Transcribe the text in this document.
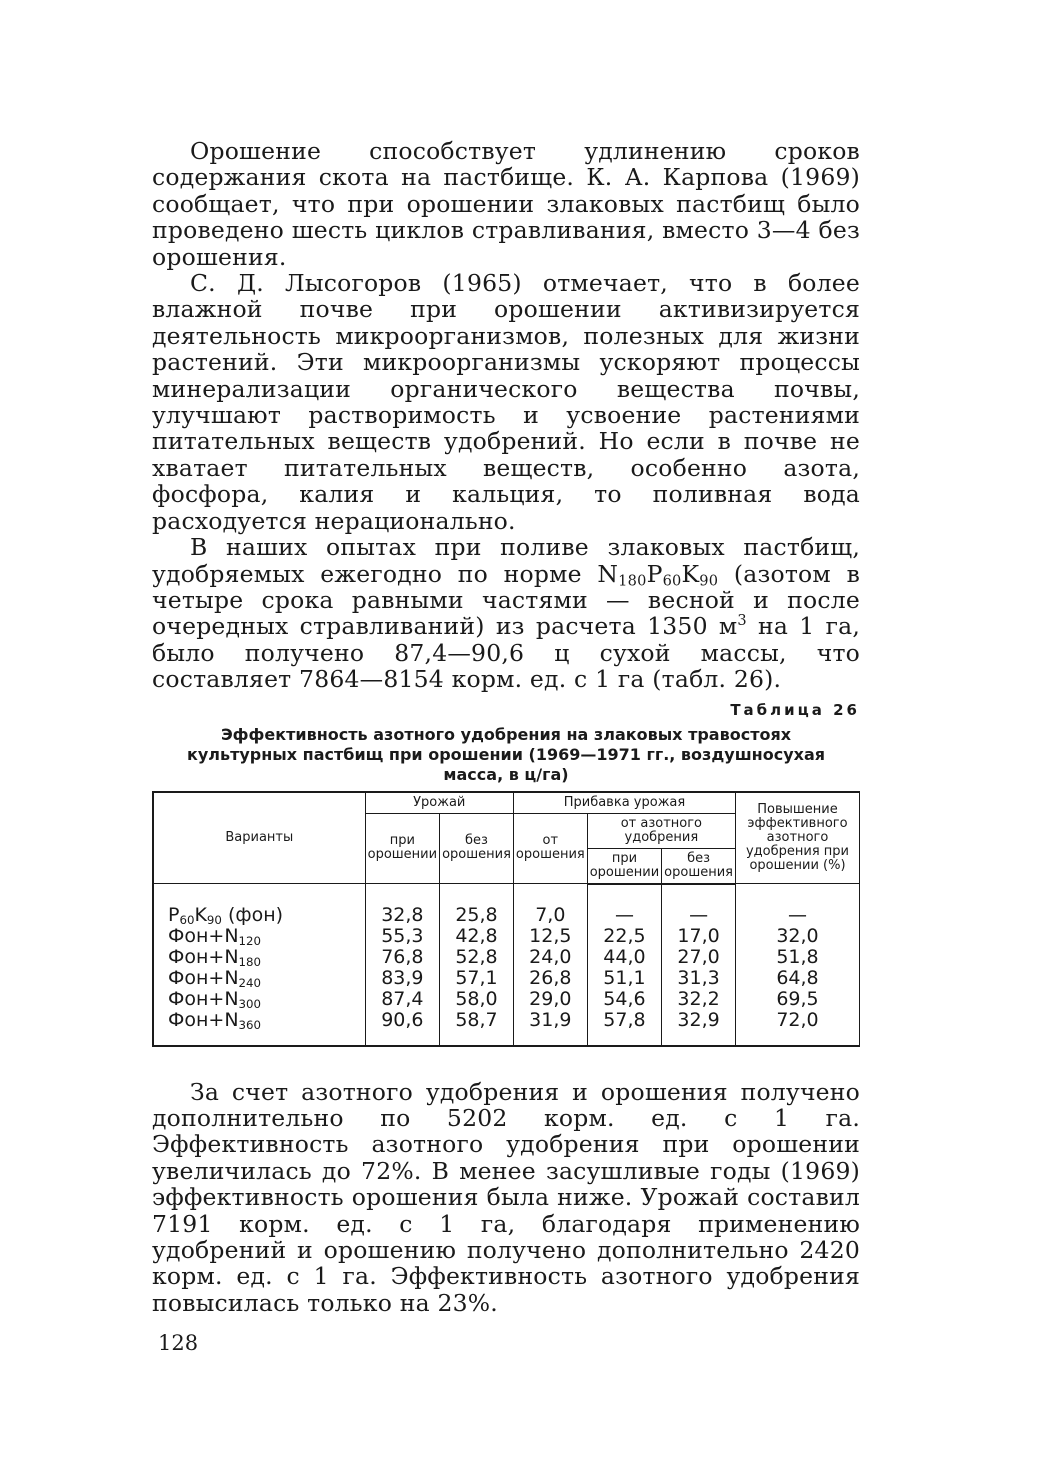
Орошение способствует удлинению сроков содержания скота на пастбище. К. А. Карпова (1969) сообщает, что при орошении злаковых пастбищ было проведено шесть циклов стравливания, вместо 3—4 без орошения.

С. Д. Лысогоров (1965) отмечает, что в более влажной почве при орошении активизируется деятельность микроорганизмов, полезных для жизни растений. Эти микроорганизмы ускоряют процессы минерализации органического вещества почвы, улучшают растворимость и усвоение растениями питательных веществ удобрений. Но если в почве не хватает питательных веществ, особенно азота, фосфора, калия и кальция, то поливная вода расходуется нерационально.

В наших опытах при поливе злаковых пастбищ, удобряемых ежегодно по норме $N_{180}P_{60}K_{90}$ (азотом в четыре срока равными частями — весной и после очередных стравливаний) из расчета 1350 $м^3$ на 1 га, было получено 87,4—90,6 ц сухой массы, что составляет 7864—8154 корм. ед. с 1 га (табл. 26).

Таблица 26
Эффективность азотного удобрения на злаковых травостоях культурных пастбищ при орошении (1969—1971 гг., воздушносухая масса, в ц/га)
Варианты	Урожай		Прибавка урожая			Повышение эффективного азотного удобрения при орошении (%)
	при орошении	без орошения	от орошения	от азотного удобрения		
				при орошении	без орошения	

$P_{60}K_{90}$ (фон)	32,8	25,8	7,0	—	—	—
$Фон+N_{120}$	55,3	42,8	12,5	22,5	17,0	32,0
$Фон+N_{180}$	76,8	52,8	24,0	44,0	27,0	51,8
$Фон+N_{240}$	83,9	57,1	26,8	51,1	31,3	64,8
$Фон+N_{300}$	87,4	58,0	29,0	54,6	32,2	69,5
$Фон+N_{360}$	90,6	58,7	31,9	57,8	32,9	72,0

За счет азотного удобрения и орошения получено дополнительно по 5202 корм. ед. с 1 га. Эффективность азотного удобрения при орошении увеличилась до 72%. В менее засушливые годы (1969) эффективность орошения была ниже. Урожай составил 7191 корм. ед. с 1 га, благодаря применению удобрений и орошению получено дополнительно 2420 корм. ед. с 1 га. Эффективность азотного удобрения повысилась только на 23%.

128
